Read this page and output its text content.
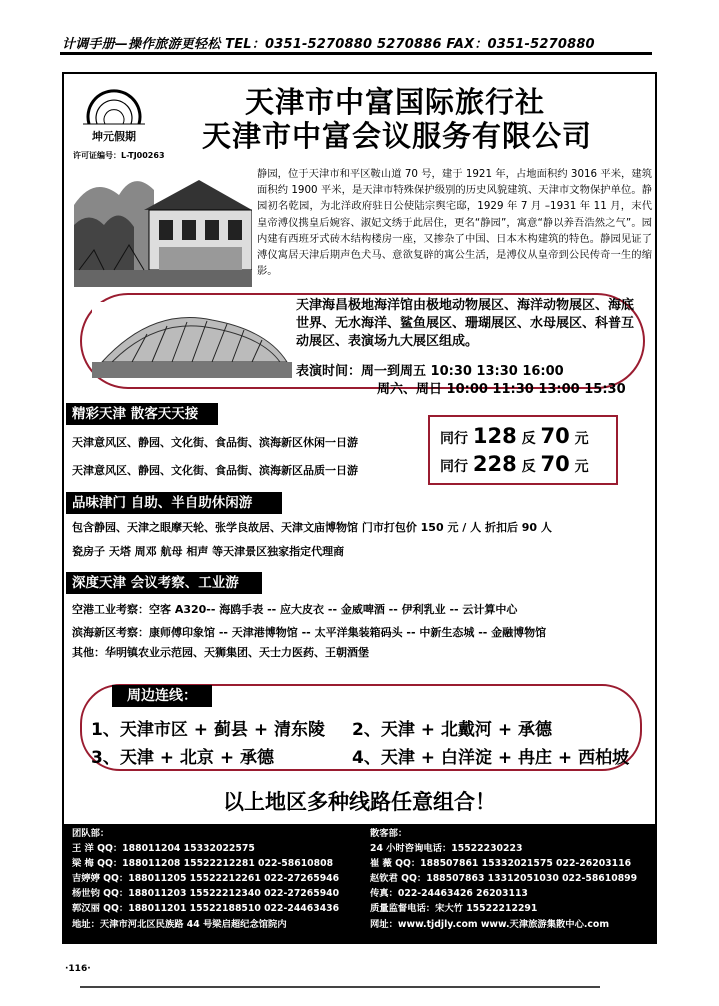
计调手册—操作旅游更轻松 TEL：0351-5270880 5270886 FAX：0351-5270880
坤元假期
许可证编号：L-TJ00263
天津市中富国际旅行社
天津市中富会议服务有限公司
静园，位于天津市和平区鞍山道 70 号，建于 1921 年，占地面积约 3016 平米，建筑面积约 1900 平米，是天津市特殊保护级别的历史风貌建筑、天津市文物保护单位。静园初名乾园，为北洋政府驻日公使陆宗舆宅邸，1929 年 7 月 –1931 年 11 月，末代皇帝溥仪携皇后婉容、淑妃文绣于此居住，更名“静园”，寓意“静以养吾浩然之气”。园内建有西班牙式砖木结构楼房一座，又掺杂了中国、日本木构建筑的特色。静园见证了溥仪寓居天津后期声色犬马、意欲复辟的寓公生活，是溥仪从皇帝到公民传奇一生的缩影。
天津海昌极地海洋馆由极地动物展区、海洋动物展区、海底世界、无水海洋、鲨鱼展区、珊瑚展区、水母展区、科普互动展区、表演场九大展区组成。
表演时间：周一到周五 10:30 13:30 16:00
周六、周日 10:00 11:30 13:00 15:30
精彩天津 散客天天接
天津意风区、静园、文化街、食品街、滨海新区休闲一日游
天津意风区、静园、文化街、食品街、滨海新区品质一日游
同行 128 反 70 元
同行 228 反 70 元
品味津门 自助、半自助休闲游
包含静园、天津之眼摩天轮、张学良故居、天津文庙博物馆 门市打包价 150 元 / 人 折扣后 90 人
瓷房子 天塔 周邓 航母 相声 等天津景区独家指定代理商
深度天津 会议考察、工业游
空港工业考察：空客 A320-- 海鸥手表 -- 应大皮衣 -- 金威啤酒 -- 伊利乳业 -- 云计算中心
滨海新区考察：康师傅印象馆 -- 天津港博物馆 -- 太平洋集装箱码头 -- 中新生态城 -- 金融博物馆
其他：华明镇农业示范园、天狮集团、天士力医药、王朝酒堡
周边连线：
1、天津市区 + 蓟县 + 清东陵 2、天津 + 北戴河 + 承德
3、天津 + 北京 + 承德	4、天津 + 白洋淀 + 冉庄 + 西柏坡
以上地区多种线路任意组合！
团队部：
王 洋 QQ：188011204 15332022575
梁 梅 QQ：188011208 15522212281 022-58610808
吉婷婷 QQ：188011205 15522212261 022-27265946
杨世钧 QQ：188011203 15522212340 022-27265940
郭汉丽 QQ：188011201 15522188510 022-24463436
地址：天津市河北区民族路 44 号梁启超纪念馆院内
散客部：
24 小时咨询电话：15522230223
崔 薇 QQ：188507861 15332021575 022-26203116
赵钦君 QQ：188507863 13312051030 022-58610899
传真：022-24463426 26203113
质量监督电话：宋大竹 15522212291
网址：www.tjdjly.com www.天津旅游集散中心.com
·116·
